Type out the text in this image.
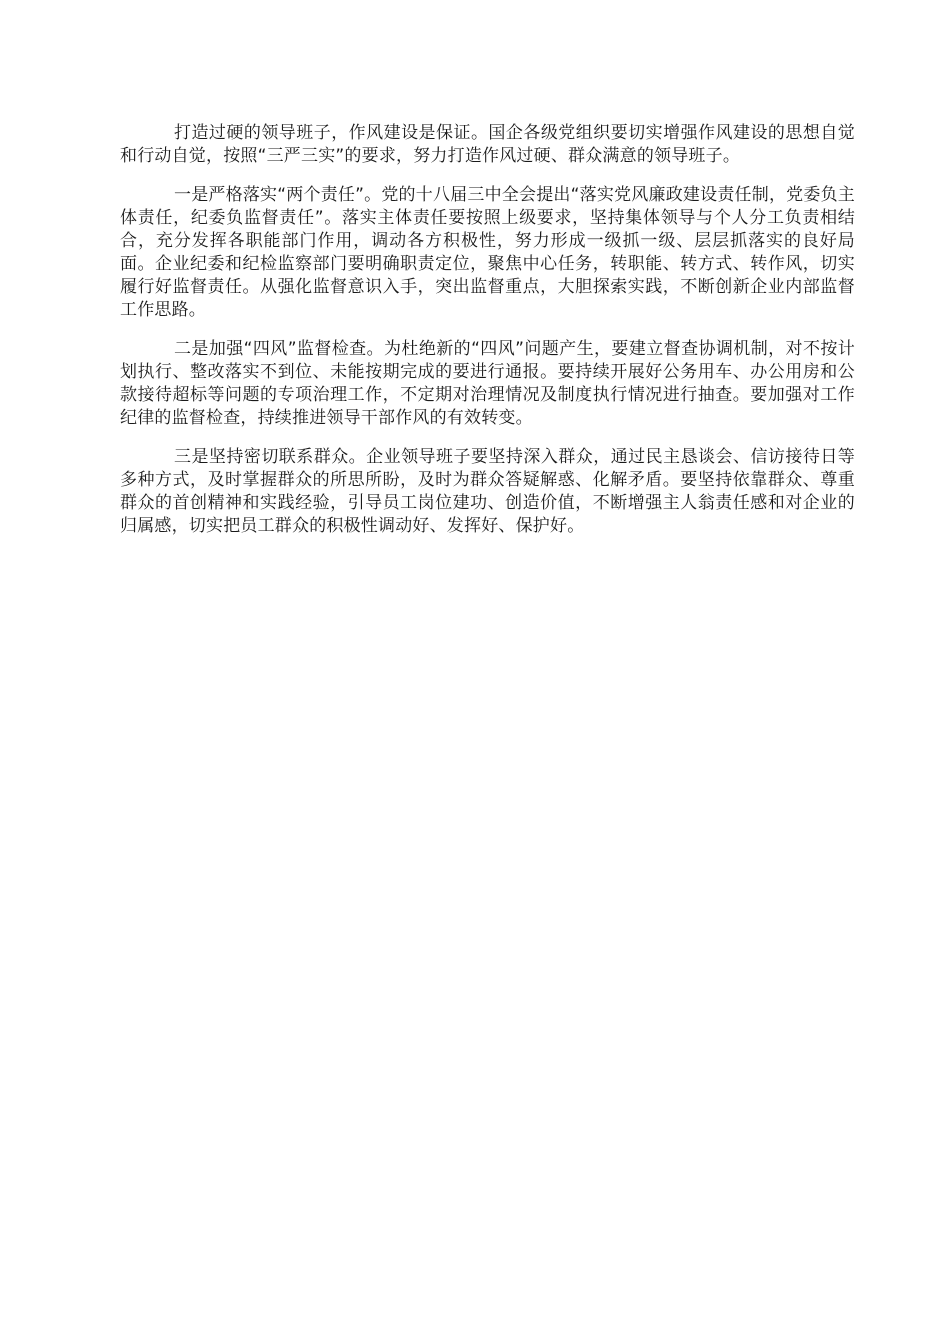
打造过硬的领导班子，作风建设是保证。国企各级党组织要切实增强作风建设的思想自觉和行动自觉，按照“三严三实”的要求，努力打造作风过硬、群众满意的领导班子。

一是严格落实“两个责任”。党的十八届三中全会提出“落实党风廉政建设责任制，党委负主体责任，纪委负监督责任”。落实主体责任要按照上级要求，坚持集体领导与个人分工负责相结合，充分发挥各职能部门作用，调动各方积极性，努力形成一级抓一级、层层抓落实的良好局面。企业纪委和纪检监察部门要明确职责定位，聚焦中心任务，转职能、转方式、转作风，切实履行好监督责任。从强化监督意识入手，突出监督重点，大胆探索实践，不断创新企业内部监督工作思路。

二是加强“四风”监督检查。为杜绝新的“四风”问题产生，要建立督查协调机制，对不按计划执行、整改落实不到位、未能按期完成的要进行通报。要持续开展好公务用车、办公用房和公款接待超标等问题的专项治理工作，不定期对治理情况及制度执行情况进行抽查。要加强对工作纪律的监督检查，持续推进领导干部作风的有效转变。

三是坚持密切联系群众。企业领导班子要坚持深入群众，通过民主恳谈会、信访接待日等多种方式，及时掌握群众的所思所盼，及时为群众答疑解惑、化解矛盾。要坚持依靠群众、尊重群众的首创精神和实践经验，引导员工岗位建功、创造价值，不断增强主人翁责任感和对企业的归属感，切实把员工群众的积极性调动好、发挥好、保护好。
